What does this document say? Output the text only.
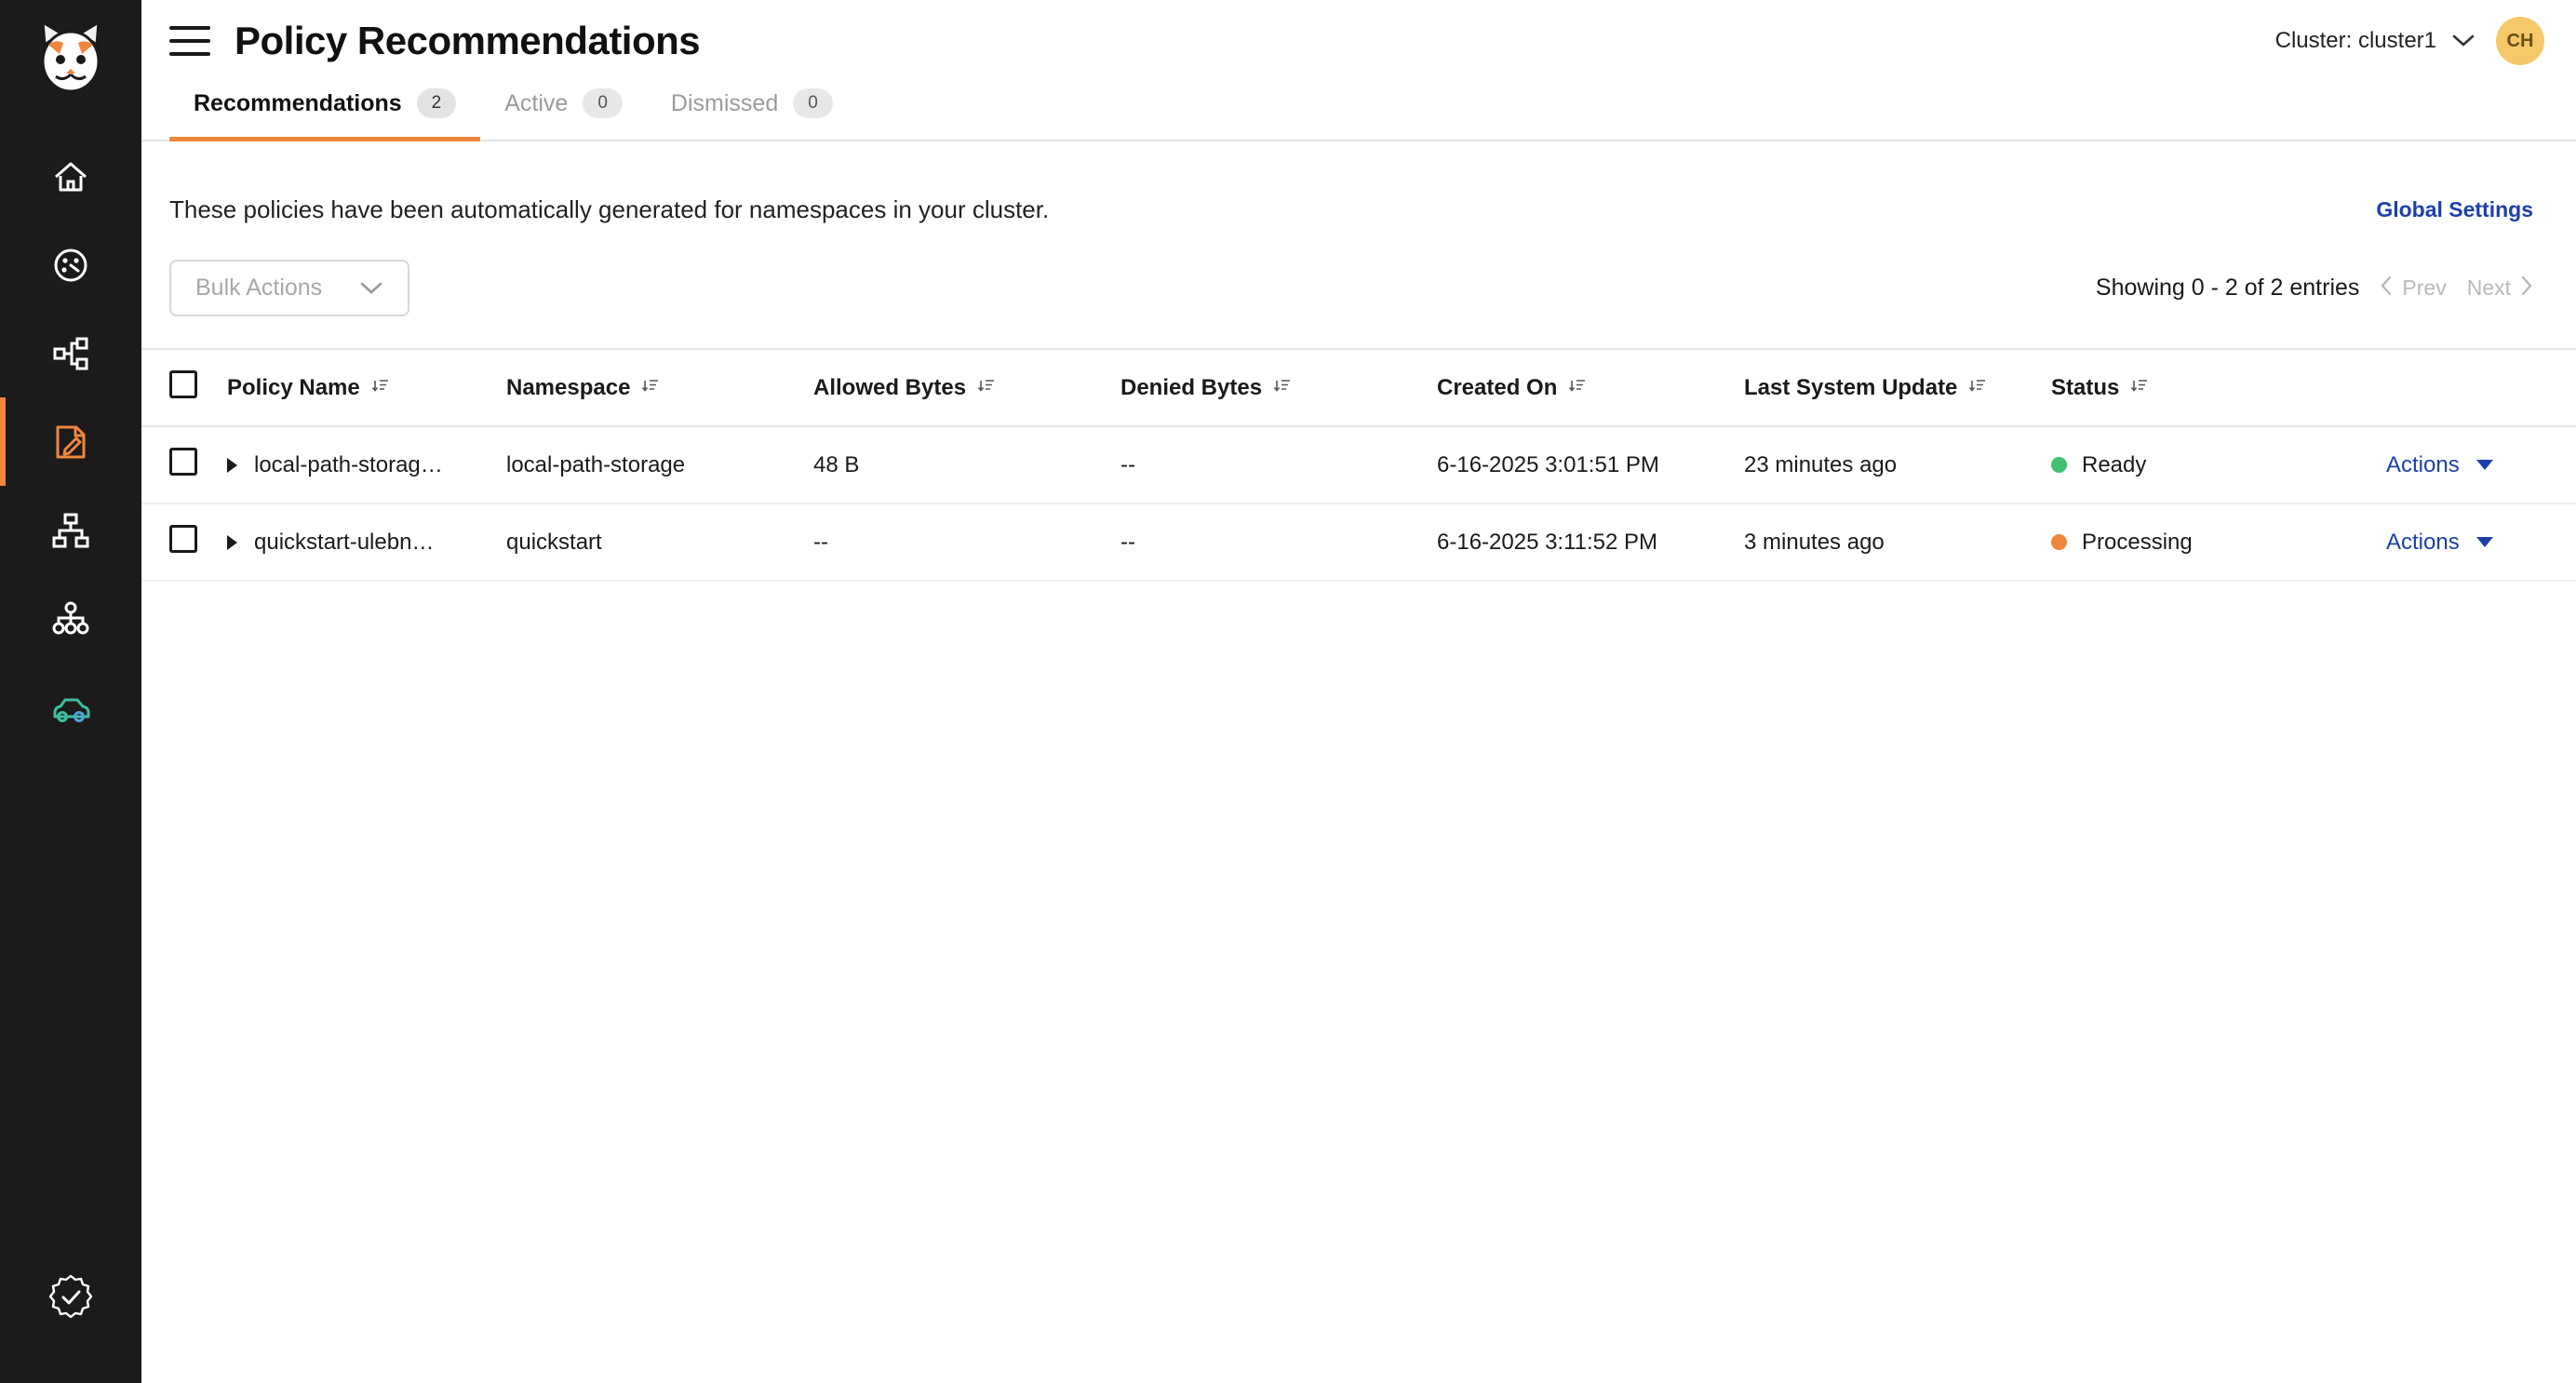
Policy Recommendations	Cluster: cluster1	CH
Recommendations	2	Active	0	Dismissed	0
These policies have been automatically generated for namespaces in your cluster.	Global Settings
Bulk Actions	Showing 0 - 2 of 2 entries Prev Next

	Policy Name	Namespace	Allowed Bytes	Denied Bytes	Created On	Last System Update	Status	

	local-path-storag…	local-path-storage	48 B	--	6-16-2025 3:01:51 PM	23 minutes ago	Ready	Actions

	quickstart-ulebn…	quickstart	--	--	6-16-2025 3:11:52 PM	3 minutes ago	Processing	Actions
